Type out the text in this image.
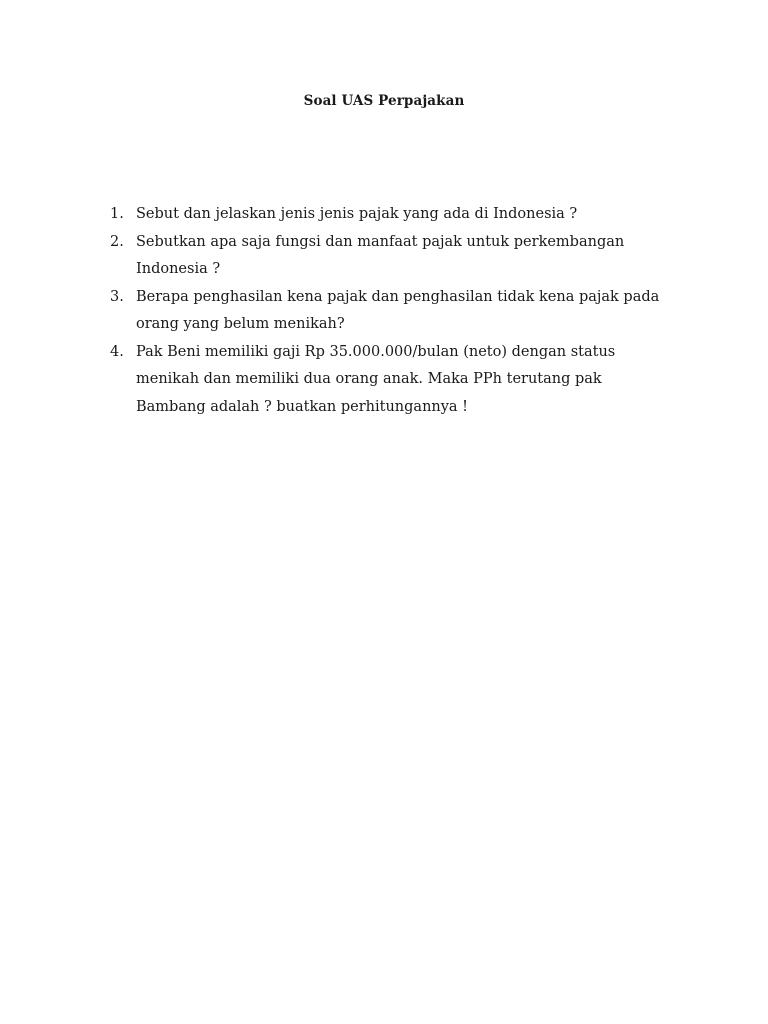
Soal UAS Perpajakan
1. Sebut dan jelaskan jenis jenis pajak yang ada di Indonesia ?
2. Sebutkan apa saja fungsi dan manfaat pajak untuk perkembangan Indonesia ?
3. Berapa penghasilan kena pajak dan penghasilan tidak kena pajak pada orang yang belum menikah?
4. Pak Beni memiliki gaji Rp 35.000.000/bulan (neto) dengan status menikah dan memiliki dua orang anak. Maka PPh terutang pak Bambang adalah ? buatkan perhitungannya !
